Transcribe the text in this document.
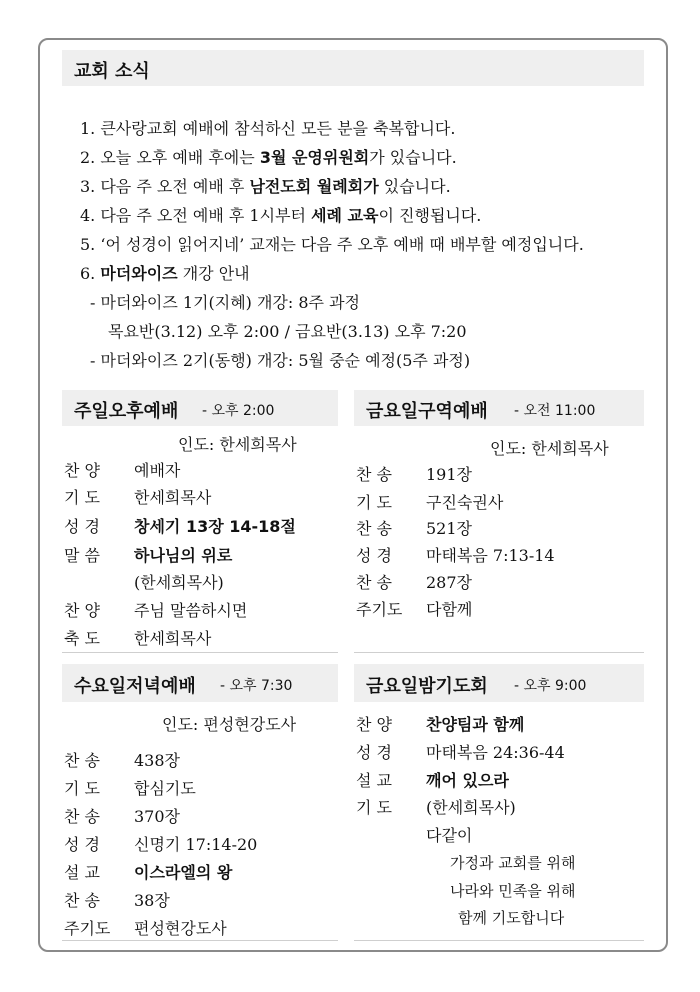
교회 소식
1. 큰사랑교회 예배에 참석하신 모든 분을 축복합니다.
2. 오늘 오후 예배 후에는 3월 운영위원회가 있습니다.
3. 다음 주 오전 예배 후 남전도회 월례회가 있습니다.
4. 다음 주 오전 예배 후 1시부터 세례 교육이 진행됩니다.
5. ‘어 성경이 읽어지네’ 교재는 다음 주 오후 예배 때 배부할 예정입니다.
6. 마더와이즈 개강 안내
- 마더와이즈 1기(지혜) 개강: 8주 과정
목요반(3.12) 오후 2:00 / 금요반(3.13) 오후 7:20
- 마더와이즈 2기(동행) 개강: 5월 중순 예정(5주 과정)
주일오후예배 - 오후 2:00
인도: 한세희목사
찬 양 예배자
기 도 한세희목사
성 경 창세기 13장 14-18절
말 씀 하나님의 위로
(한세희목사)
찬 양 주님 말씀하시면
축 도 한세희목사
금요일구역예배 - 오전 11:00
인도: 한세희목사
찬 송 191장
기 도 구진숙권사
찬 송 521장
성 경 마태복음 7:13-14
찬 송 287장
주기도 다함께
수요일저녁예배 - 오후 7:30
인도: 편성현강도사
찬 송 438장
기 도 합심기도
찬 송 370장
성 경 신명기 17:14-20
설 교 이스라엘의 왕
찬 송 38장
주기도 편성현강도사
금요일밤기도회 - 오후 9:00
찬 양 찬양팀과 함께
성 경 마태복음 24:36-44
설 교 깨어 있으라
기 도 (한세희목사)
다같이
가정과 교회를 위해
나라와 민족을 위해
함께 기도합니다
